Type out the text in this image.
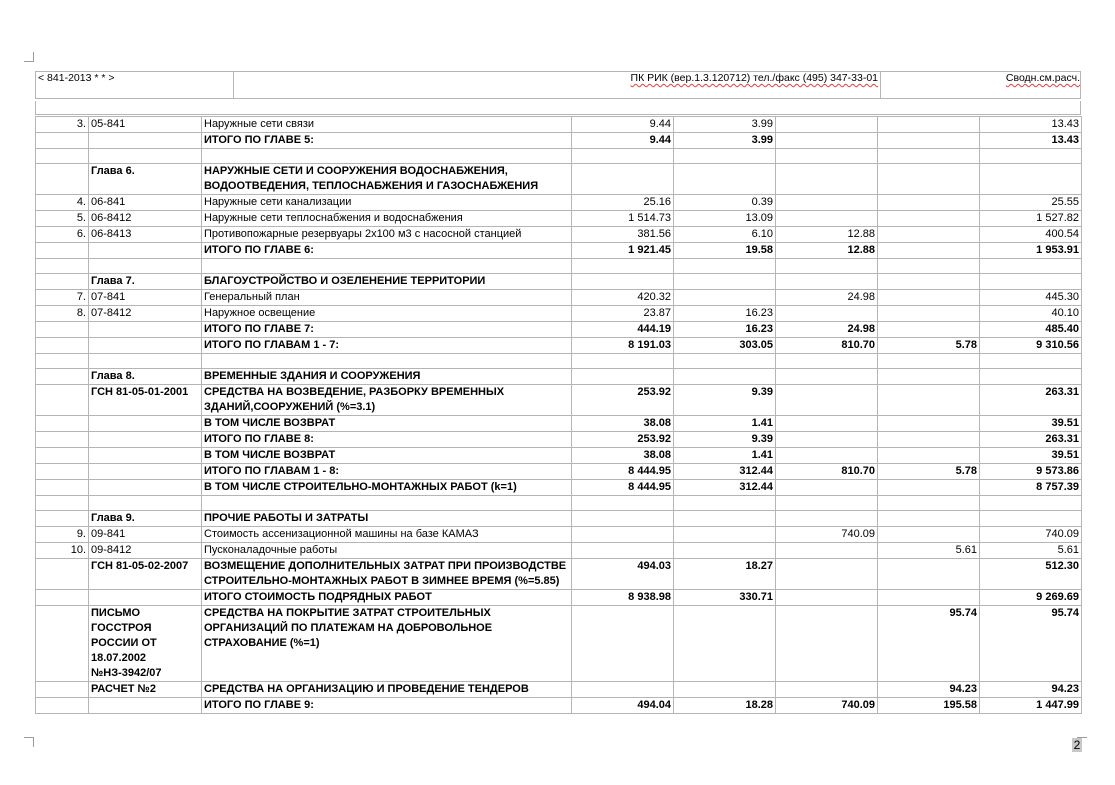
< 841-2013 * * >	ПК РИК (вер.1.3.120712) тел./факс (495) 347-33-01	Сводн.см.расч.
3.	05-841	Наружные сети связи	9.44	3.99			13.43
		ИТОГО ПО ГЛАВЕ 5:	9.44	3.99			13.43

	Глава 6.	НАРУЖНЫЕ СЕТИ И СООРУЖЕНИЯ ВОДОСНАБЖЕНИЯ, ВОДООТВЕДЕНИЯ, ТЕПЛОСНАБЖЕНИЯ И ГАЗОСНАБЖЕНИЯ					
4.	06-841	Наружные сети канализации	25.16	0.39			25.55
5.	06-8412	Наружные сети теплоснабжения и водоснабжения	1 514.73	13.09			1 527.82
6.	06-8413	Противопожарные резервуары 2х100 м3 с насосной станцией	381.56	6.10	12.88		400.54
		ИТОГО ПО ГЛАВЕ 6:	1 921.45	19.58	12.88		1 953.91

	Глава 7.	БЛАГОУСТРОЙСТВО И ОЗЕЛЕНЕНИЕ ТЕРРИТОРИИ					
7.	07-841	Генеральный план	420.32		24.98		445.30
8.	07-8412	Наружное освещение	23.87	16.23			40.10
		ИТОГО ПО ГЛАВЕ 7:	444.19	16.23	24.98		485.40
		ИТОГО ПО ГЛАВАМ 1 - 7:	8 191.03	303.05	810.70	5.78	9 310.56

	Глава 8.	ВРЕМЕННЫЕ ЗДАНИЯ И СООРУЖЕНИЯ					
	ГСН 81-05-01-2001	СРЕДСТВА НА ВОЗВЕДЕНИЕ, РАЗБОРКУ ВРЕМЕННЫХ ЗДАНИЙ,СООРУЖЕНИЙ (%=3.1)	253.92	9.39			263.31
		В ТОМ ЧИСЛЕ ВОЗВРАТ	38.08	1.41			39.51
		ИТОГО ПО ГЛАВЕ 8:	253.92	9.39			263.31
		В ТОМ ЧИСЛЕ ВОЗВРАТ	38.08	1.41			39.51
		ИТОГО ПО ГЛАВАМ 1 - 8:	8 444.95	312.44	810.70	5.78	9 573.86
		В ТОМ ЧИСЛЕ СТРОИТЕЛЬНО-МОНТАЖНЫХ РАБОТ (k=1)	8 444.95	312.44			8 757.39

	Глава 9.	ПРОЧИЕ РАБОТЫ И ЗАТРАТЫ					
9.	09-841	Стоимость ассенизационной машины на базе КАМАЗ			740.09		740.09
10.	09-8412	Пусконаладочные работы				5.61	5.61
	ГСН 81-05-02-2007	ВОЗМЕЩЕНИЕ ДОПОЛНИТЕЛЬНЫХ ЗАТРАТ ПРИ ПРОИЗВОДСТВЕ СТРОИТЕЛЬНО-МОНТАЖНЫХ РАБОТ В ЗИМНЕЕ ВРЕМЯ (%=5.85)	494.03	18.27			512.30
		ИТОГО СТОИМОСТЬ ПОДРЯДНЫХ РАБОТ	8 938.98	330.71			9 269.69
	ПИСЬМО ГОССТРОЯ РОССИИ ОТ 18.07.2002 №НЗ-3942/07	СРЕДСТВА НА ПОКРЫТИЕ ЗАТРАТ СТРОИТЕЛЬНЫХ ОРГАНИЗАЦИЙ ПО ПЛАТЕЖАМ НА ДОБРОВОЛЬНОЕ СТРАХОВАНИЕ (%=1)				95.74	95.74
	РАСЧЕТ №2	СРЕДСТВА НА ОРГАНИЗАЦИЮ И ПРОВЕДЕНИЕ ТЕНДЕРОВ				94.23	94.23
		ИТОГО ПО ГЛАВЕ 9:	494.04	18.28	740.09	195.58	1 447.99
2
